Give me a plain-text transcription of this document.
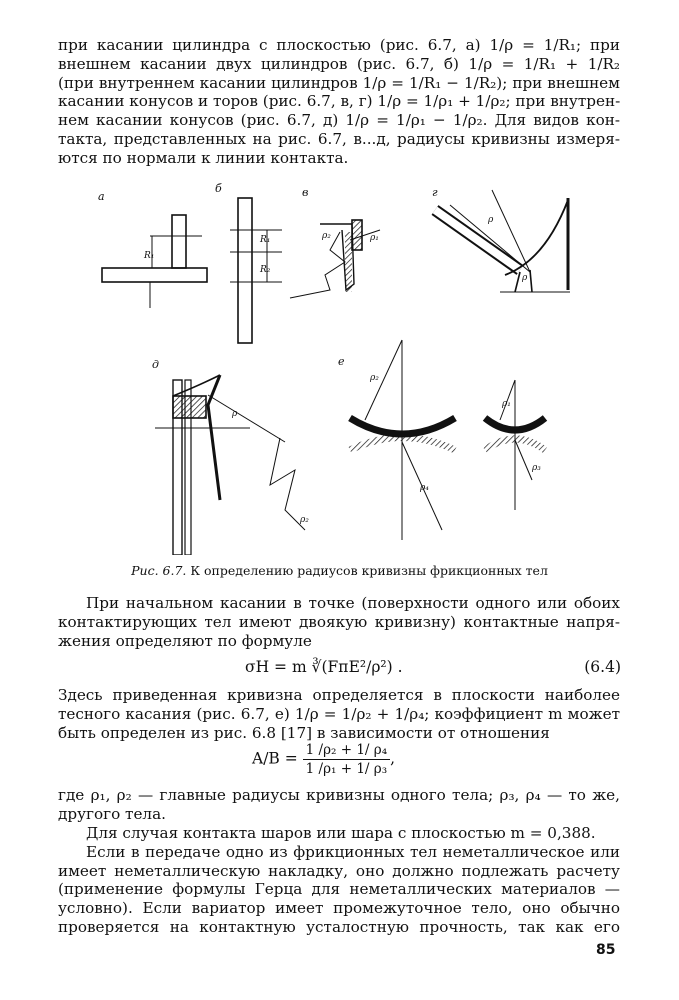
при касании цилиндра с плоскостью (рис. 6.7, а) 1/ρ = 1/R₁; при
внешнем касании двух цилиндров (рис. 6.7, б) 1/ρ = 1/R₁ + 1/R₂
(при внутреннем касании цилиндров 1/ρ = 1/R₁ − 1/R₂); при внешнем
касании конусов и торов (рис. 6.7, в, г) 1/ρ = 1/ρ₁ + 1/ρ₂; при внутрен-
нем касании конусов (рис. 6.7, д) 1/ρ = 1/ρ₁ − 1/ρ₂. Для видов кон-
такта, представленных на рис. 6.7, в...д, радиусы кривизны измеря-
ются по нормали к линии контакта.
а
б	в	г
д	е
R₁
R₁
R₂
ρ₂	ρ₁
ρ
ρ
ρ
ρ₂
ρ₂
ρ₄
ρ₁
ρ₃
Рис. 6.7. К определению радиусов кривизны фрикционных тел
При начальном касании в точке (поверхности одного или обоих
контактирующих тел имеют двоякую кривизну) контактные напря-
жения определяют по формуле
σH = m ∛(FпE²/ρ²) .	(6.4)
Здесь приведенная кривизна определяется в плоскости наиболее
тесного касания (рис. 6.7, е) 1/ρ = 1/ρ₂ + 1/ρ₄; коэффициент m может
быть определен из рис. 6.8 [17] в зависимости от отношения
$A/B = \frac{\text{1 /ρ₂ + 1/ ρ₄}}{\text{1 /ρ₁ + 1/ ρ₃}}$ ,
где ρ₁, ρ₂ — главные радиусы кривизны одного тела; ρ₃, ρ₄ — то же,
другого тела.
Для случая контакта шаров или шара с плоскостью m = 0,388.
Если в передаче одно из фрикционных тел неметаллическое или
имеет неметаллическую накладку, оно должно подлежать расчету
(применение формулы Герца для неметаллических материалов —
условно). Если вариатор имеет промежуточное тело, оно обычно
проверяется на контактную усталостную прочность, так как его
85
